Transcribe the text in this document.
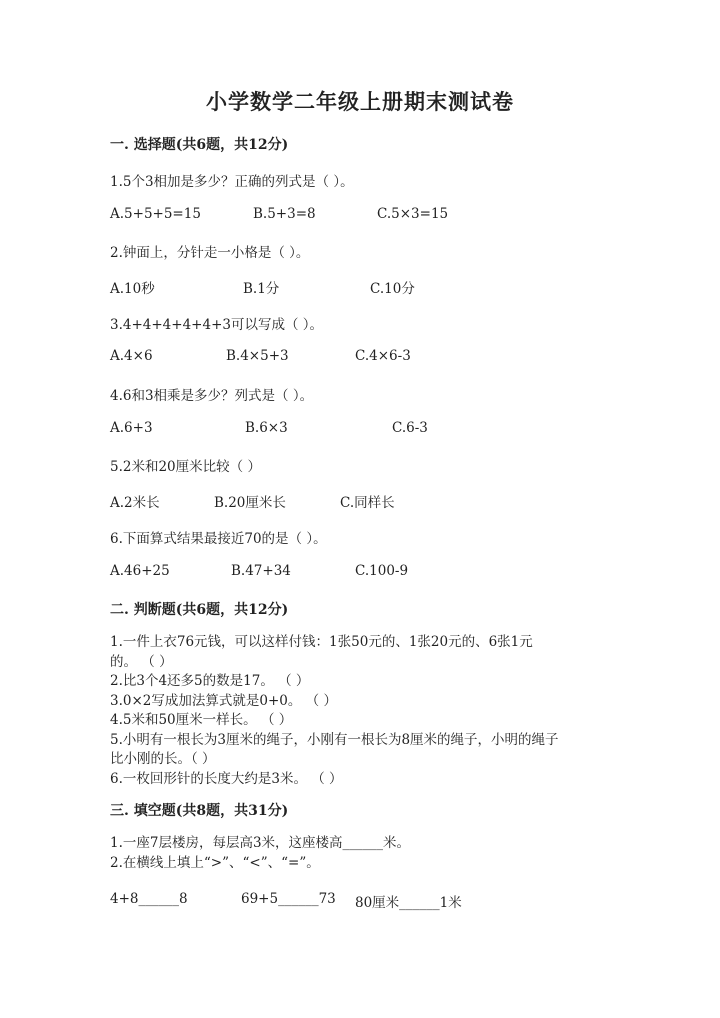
小学数学二年级上册期末测试卷
一. 选择题(共6题，共12分)
1.5个3相加是多少？正确的列式是（ ）。
A.5+5+5=15	B.5+3=8	C.5×3=15
2.钟面上，分针走一小格是（ ）。
A.10秒	B.1分	C.10分
3.4+4+4+4+4+3可以写成（ ）。
A.4×6	B.4×5+3	C.4×6-3
4.6和3相乘是多少？列式是（ ）。
A.6+3	B.6×3	C.6-3
5.2米和20厘米比较（ ）
A.2米长	B.20厘米长	C.同样长
6.下面算式结果最接近70的是（ ）。
A.46+25	B.47+34	C.100-9
二. 判断题(共6题，共12分)
1.一件上衣76元钱，可以这样付钱：1张50元的、1张20元的、6张1元
的。 （ ）
2.比3个4还多5的数是17。 （ ）
3.0×2写成加法算式就是0+0。 （ ）
4.5米和50厘米一样长。 （ ）
5.小明有一根长为3厘米的绳子，小刚有一根长为8厘米的绳子，小明的绳子
比小刚的长。（ ）
6.一枚回形针的长度大约是3米。 （ ）
三. 填空题(共8题，共31分)
1.一座7层楼房，每层高3米，这座楼高______米。
2.在横线上填上“>”、“<”、“=”。
4+8______8	69+5______73 80厘米______1米
